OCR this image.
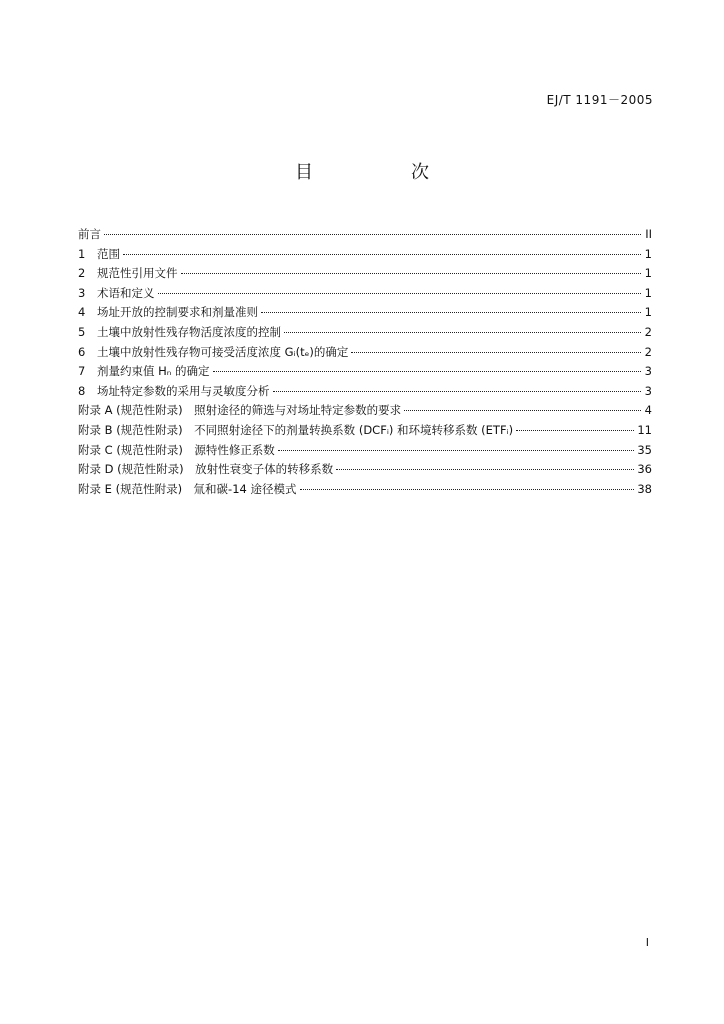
EJ/T 1191－2005
目　次
前言	II
1	范围	1
2	规范性引用文件	1
3	术语和定义	1
4	场址开放的控制要求和剂量准则	1
5	土壤中放射性残存物活度浓度的控制	2
6	土壤中放射性残存物可接受活度浓度 Gᵢ(tₑ)的确定	2
7	剂量约束值 Hₙ 的确定	3
8	场址特定参数的采用与灵敏度分析	3
附录 A (规范性附录)　照射途径的筛选与对场址特定参数的要求	4
附录 B (规范性附录)　不同照射途径下的剂量转换系数 (DCFᵢ) 和环境转移系数 (ETFᵢ)	11
附录 C (规范性附录)　源特性修正系数	35
附录 D (规范性附录)　放射性衰变子体的转移系数	36
附录 E (规范性附录)　氚和碳-14 途径模式	38
I
